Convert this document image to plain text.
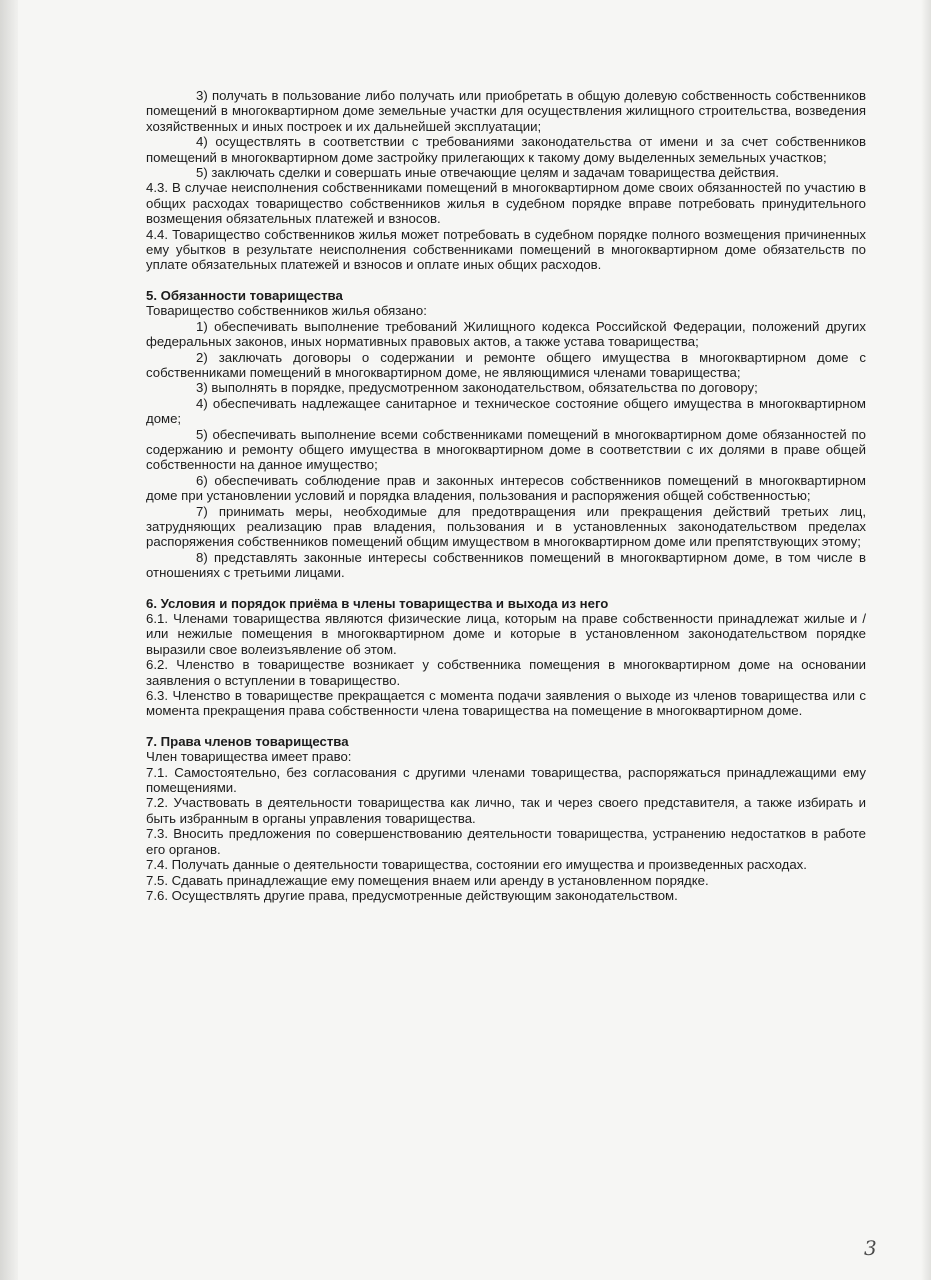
3) получать в пользование либо получать или приобретать в общую долевую собственность собственников помещений в многоквартирном доме земельные участки для осуществления жилищного строительства, возведения хозяйственных и иных построек и их дальнейшей эксплуатации;

4) осуществлять в соответствии с требованиями законодательства от имени и за счет собственников помещений в многоквартирном доме застройку прилегающих к такому дому выделенных земельных участков;

5) заключать сделки и совершать иные отвечающие целям и задачам товарищества действия.

4.3. В случае неисполнения собственниками помещений в многоквартирном доме своих обязанностей по участию в общих расходах товарищество собственников жилья в судебном порядке вправе потребовать принудительного возмещения обязательных платежей и взносов.

4.4. Товарищество собственников жилья может потребовать в судебном порядке полного возмещения причиненных ему убытков в результате неисполнения собственниками помещений в многоквартирном доме обязательств по уплате обязательных платежей и взносов и оплате иных общих расходов.

5. Обязанности товарищества

Товарищество собственников жилья обязано:

1) обеспечивать выполнение требований Жилищного кодекса Российской Федерации, положений других федеральных законов, иных нормативных правовых актов, а также устава товарищества;

2) заключать договоры о содержании и ремонте общего имущества в многоквартирном доме с собственниками помещений в многоквартирном доме, не являющимися членами товарищества;

3) выполнять в порядке, предусмотренном законодательством, обязательства по договору;

4) обеспечивать надлежащее санитарное и техническое состояние общего имущества в многоквартирном доме;

5) обеспечивать выполнение всеми собственниками помещений в многоквартирном доме обязанностей по содержанию и ремонту общего имущества в многоквартирном доме в соответствии с их долями в праве общей собственности на данное имущество;

6) обеспечивать соблюдение прав и законных интересов собственников помещений в многоквартирном доме при установлении условий и порядка владения, пользования и распоряжения общей собственностью;

7) принимать меры, необходимые для предотвращения или прекращения действий третьих лиц, затрудняющих реализацию прав владения, пользования и в установленных законодательством пределах распоряжения собственников помещений общим имуществом в многоквартирном доме или препятствующих этому;

8) представлять законные интересы собственников помещений в многоквартирном доме, в том числе в отношениях с третьими лицами.

6. Условия и порядок приёма в члены товарищества и выхода из него

6.1. Членами товарищества являются физические лица, которым на праве собственности принадлежат жилые и / или нежилые помещения в многоквартирном доме и которые в установленном законодательством порядке выразили свое волеизъявление об этом.

6.2. Членство в товариществе возникает у собственника помещения в многоквартирном доме на основании заявления о вступлении в товарищество.

6.3. Членство в товариществе прекращается с момента подачи заявления о выходе из членов товарищества или с момента прекращения права собственности члена товарищества на помещение в многоквартирном доме.

7. Права членов товарищества

Член товарищества имеет право:

7.1. Самостоятельно, без согласования с другими членами товарищества, распоряжаться принадлежащими ему помещениями.

7.2. Участвовать в деятельности товарищества как лично, так и через своего представителя, а также избирать и быть избранным в органы управления товарищества.

7.3. Вносить предложения по совершенствованию деятельности товарищества, устранению недостатков в работе его органов.

7.4. Получать данные о деятельности товарищества, состоянии его имущества и произведенных расходах.

7.5. Сдавать принадлежащие ему помещения внаем или аренду в установленном порядке.

7.6. Осуществлять другие права, предусмотренные действующим законодательством.

3
